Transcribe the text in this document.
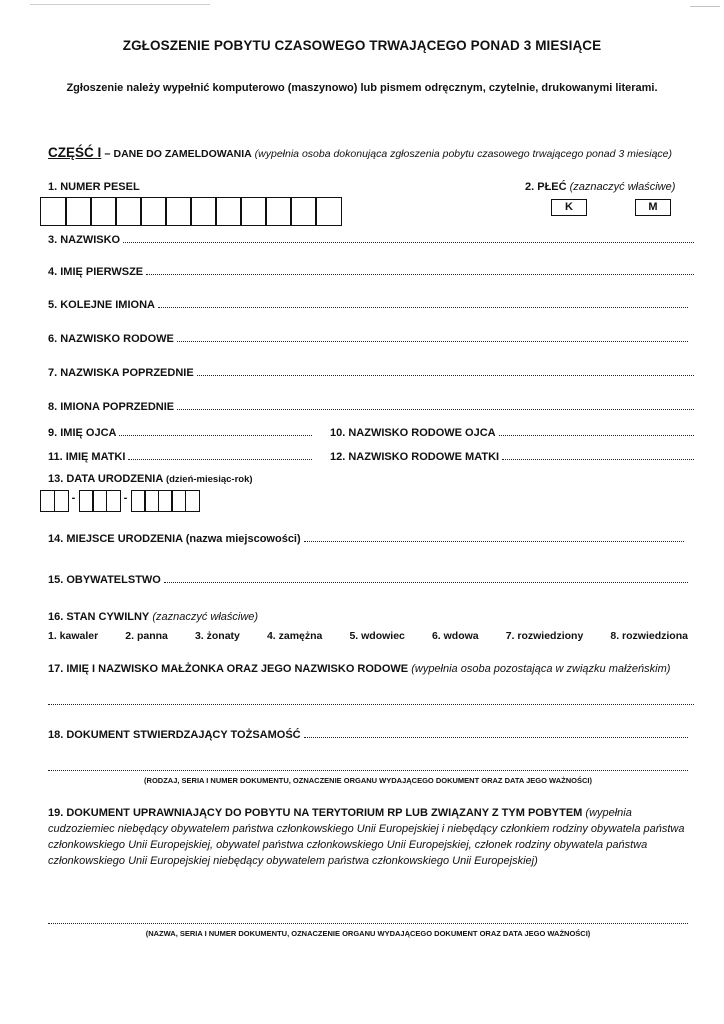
ZGŁOSZENIE POBYTU CZASOWEGO TRWAJĄCEGO PONAD 3 MIESIĄCE
Zgłoszenie należy wypełnić komputerowo (maszynowo) lub pismem odręcznym, czytelnie, drukowanymi literami.
CZĘŚĆ I – DANE DO ZAMELDOWANIA (wypełnia osoba dokonująca zgłoszenia pobytu czasowego trwającego ponad 3 miesiące)
1. NUMER PESEL	2. PŁEĆ (zaznaczyć właściwe)
K	M
3. NAZWISKO
4. IMIĘ PIERWSZE
5. KOLEJNE IMIONA
6. NAZWISKO RODOWE
7. NAZWISKA POPRZEDNIE
8. IMIONA POPRZEDNIE
9. IMIĘ OJCA	10. NAZWISKO RODOWE OJCA
11. IMIĘ MATKI	12. NAZWISKO RODOWE MATKI
13. DATA URODZENIA (dzień-miesiąc-rok)
-	-
14. MIEJSCE URODZENIA (nazwa miejscowości)
15. OBYWATELSTWO
16. STAN CYWILNY (zaznaczyć właściwe)
1. kawaler	2. panna	3. żonaty	4. zamężna	5. wdowiec	6. wdowa	7. rozwiedziony	8. rozwiedziona
17. IMIĘ I NAZWISKO MAŁŻONKA ORAZ JEGO NAZWISKO RODOWE (wypełnia osoba pozostająca w związku małżeńskim)
18. DOKUMENT STWIERDZAJĄCY TOŻSAMOŚĆ
(RODZAJ, SERIA I NUMER DOKUMENTU, OZNACZENIE ORGANU WYDAJĄCEGO DOKUMENT ORAZ DATA JEGO WAŻNOŚCI)
19. DOKUMENT UPRAWNIAJĄCY DO POBYTU NA TERYTORIUM RP LUB ZWIĄZANY Z TYM POBYTEM (wypełnia cudzoziemiec niebędący obywatelem państwa członkowskiego Unii Europejskiej i niebędący członkiem rodziny obywatela państwa członkowskiego Unii Europejskiej, obywatel państwa członkowskiego Unii Europejskiej, członek rodziny obywatela państwa członkowskiego Unii Europejskiej niebędący obywatelem państwa członkowskiego Unii Europejskiej)
(NAZWA, SERIA I NUMER DOKUMENTU, OZNACZENIE ORGANU WYDAJĄCEGO DOKUMENT ORAZ DATA JEGO WAŻNOŚCI)
